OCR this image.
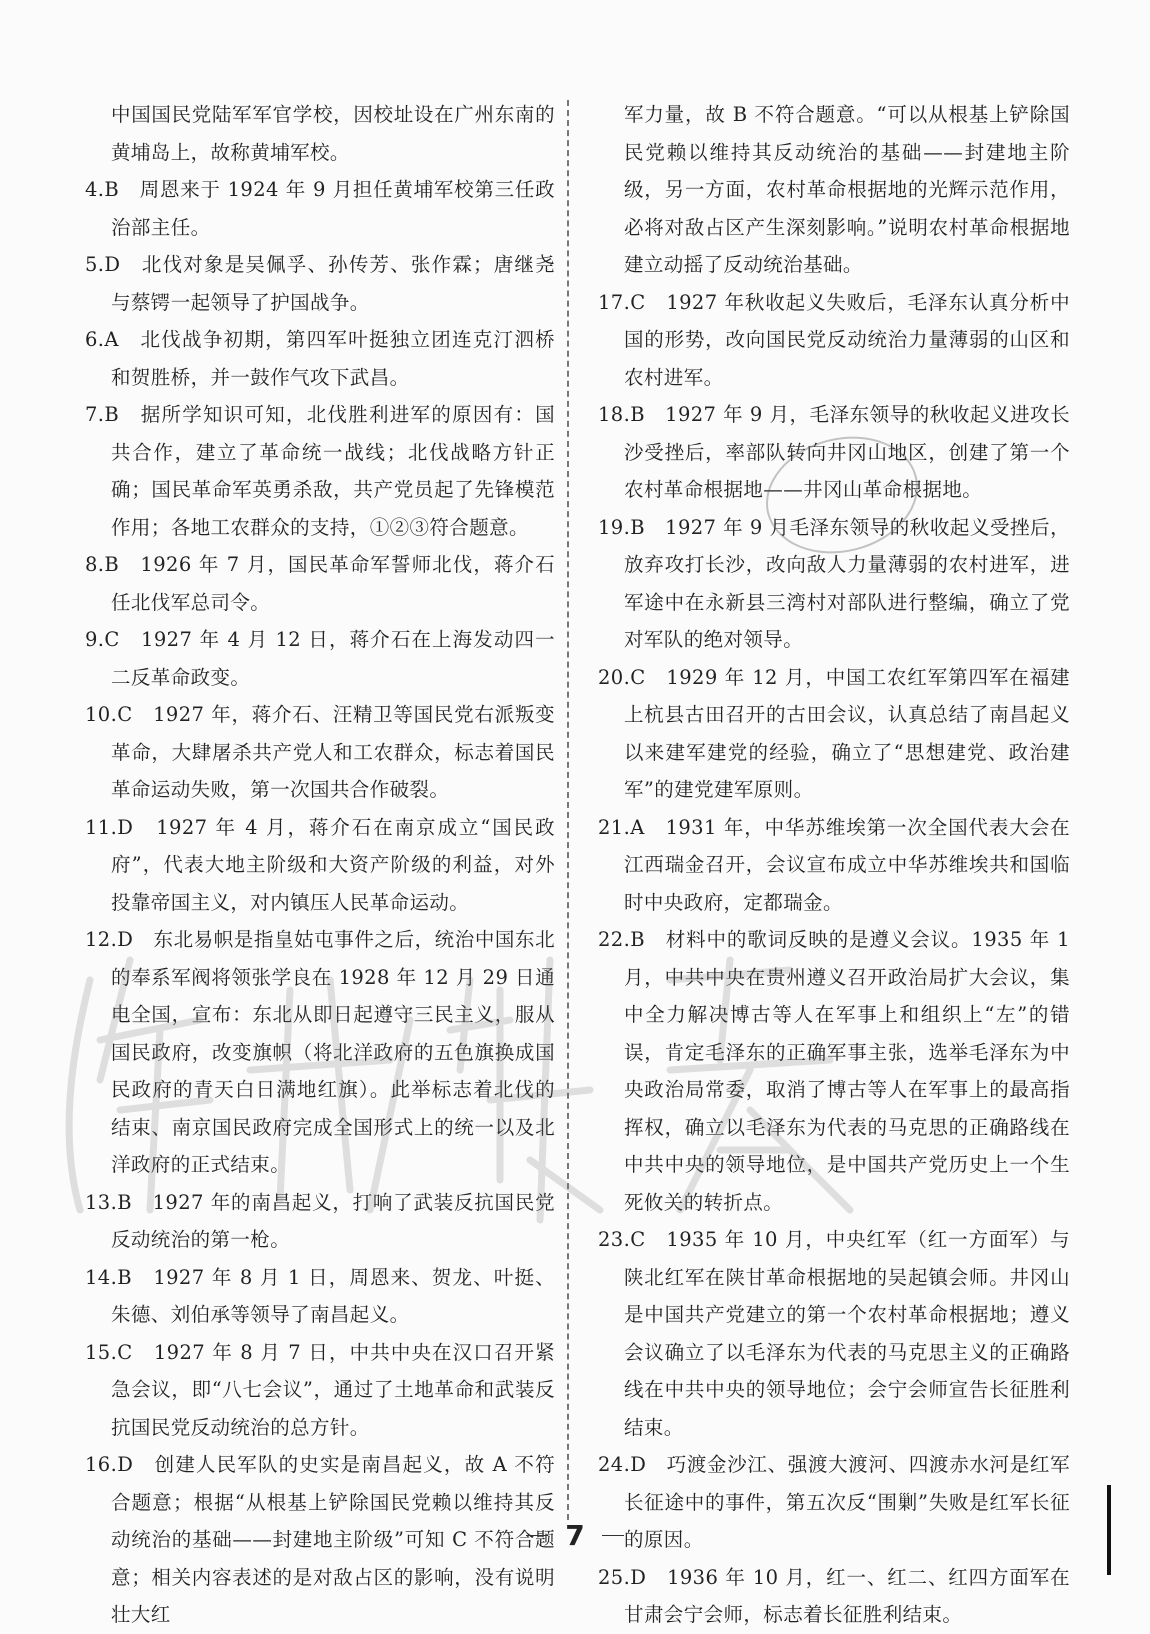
中国国民党陆军军官学校，因校址设在广州东南的黄埔岛上，故称黄埔军校。

4.B　周恩来于 1924 年 9 月担任黄埔军校第三任政治部主任。

5.D　北伐对象是吴佩孚、孙传芳、张作霖；唐继尧与蔡锷一起领导了护国战争。

6.A　北伐战争初期，第四军叶挺独立团连克汀泗桥和贺胜桥，并一鼓作气攻下武昌。

7.B　据所学知识可知，北伐胜利进军的原因有：国共合作，建立了革命统一战线；北伐战略方针正确；国民革命军英勇杀敌，共产党员起了先锋模范作用；各地工农群众的支持，①②③符合题意。

8.B　1926 年 7 月，国民革命军誓师北伐，蒋介石任北伐军总司令。

9.C　1927 年 4 月 12 日，蒋介石在上海发动四一二反革命政变。

10.C　1927 年，蒋介石、汪精卫等国民党右派叛变革命，大肆屠杀共产党人和工农群众，标志着国民革命运动失败，第一次国共合作破裂。

11.D　1927 年 4 月，蒋介石在南京成立“国民政府”，代表大地主阶级和大资产阶级的利益，对外投靠帝国主义，对内镇压人民革命运动。

12.D　东北易帜是指皇姑屯事件之后，统治中国东北的奉系军阀将领张学良在 1928 年 12 月 29 日通电全国，宣布：东北从即日起遵守三民主义，服从国民政府，改变旗帜（将北洋政府的五色旗换成国民政府的青天白日满地红旗）。此举标志着北伐的结束、南京国民政府完成全国形式上的统一以及北洋政府的正式结束。

13.B　1927 年的南昌起义，打响了武装反抗国民党反动统治的第一枪。

14.B　1927 年 8 月 1 日，周恩来、贺龙、叶挺、朱德、刘伯承等领导了南昌起义。

15.C　1927 年 8 月 7 日，中共中央在汉口召开紧急会议，即“八七会议”，通过了土地革命和武装反抗国民党反动统治的总方针。

16.D　创建人民军队的史实是南昌起义，故 A 不符合题意；根据“从根基上铲除国民党赖以维持其反动统治的基础——封建地主阶级”可知 C 不符合题意；相关内容表述的是对敌占区的影响，没有说明壮大红

军力量，故 B 不符合题意。“可以从根基上铲除国民党赖以维持其反动统治的基础——封建地主阶级，另一方面，农村革命根据地的光辉示范作用，必将对敌占区产生深刻影响。”说明农村革命根据地建立动摇了反动统治基础。

17.C　1927 年秋收起义失败后，毛泽东认真分析中国的形势，改向国民党反动统治力量薄弱的山区和农村进军。

18.B　1927 年 9 月，毛泽东领导的秋收起义进攻长沙受挫后，率部队转向井冈山地区，创建了第一个农村革命根据地——井冈山革命根据地。

19.B　1927 年 9 月毛泽东领导的秋收起义受挫后，放弃攻打长沙，改向敌人力量薄弱的农村进军，进军途中在永新县三湾村对部队进行整编，确立了党对军队的绝对领导。

20.C　1929 年 12 月，中国工农红军第四军在福建上杭县古田召开的古田会议，认真总结了南昌起义以来建军建党的经验，确立了“思想建党、政治建军”的建党建军原则。

21.A　1931 年，中华苏维埃第一次全国代表大会在江西瑞金召开，会议宣布成立中华苏维埃共和国临时中央政府，定都瑞金。

22.B　材料中的歌词反映的是遵义会议。1935 年 1 月，中共中央在贵州遵义召开政治局扩大会议，集中全力解决博古等人在军事上和组织上“左”的错误，肯定毛泽东的正确军事主张，选举毛泽东为中央政治局常委，取消了博古等人在军事上的最高指挥权，确立以毛泽东为代表的马克思的正确路线在中共中央的领导地位，是中国共产党历史上一个生死攸关的转折点。

23.C　1935 年 10 月，中央红军（红一方面军）与陕北红军在陕甘革命根据地的吴起镇会师。井冈山是中国共产党建立的第一个农村革命根据地；遵义会议确立了以毛泽东为代表的马克思主义的正确路线在中共中央的领导地位；会宁会师宣告长征胜利结束。

24.D　巧渡金沙江、强渡大渡河、四渡赤水河是红军长征途中的事件，第五次反“围剿”失败是红军长征的原因。

25.D　1936 年 10 月，红一、红二、红四方面军在甘肃会宁会师，标志着长征胜利结束。

7
